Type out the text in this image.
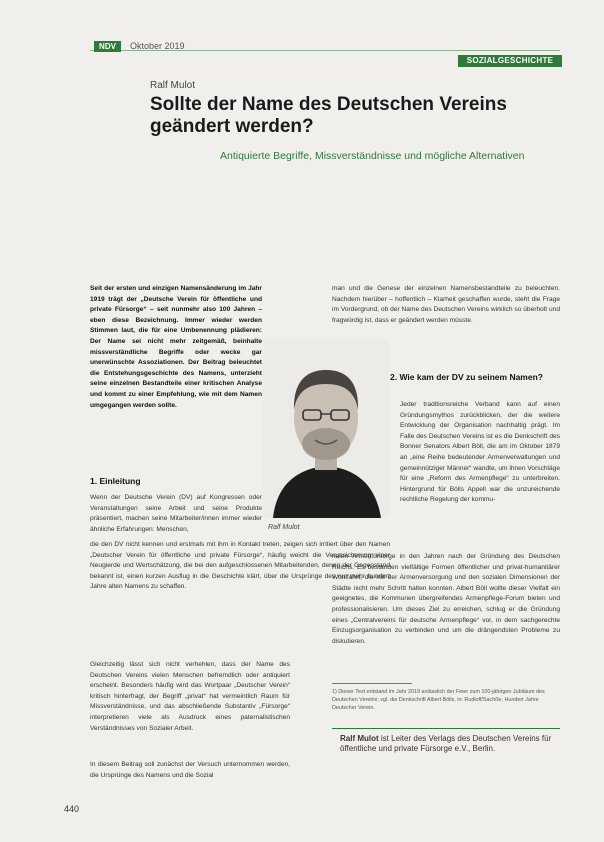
NDV	Oktober 2019
SOZIALGESCHICHTE
Ralf Mulot
Sollte der Name des Deutschen Vereins geändert werden?
Antiquierte Begriffe, Missverständnisse und mögliche Alternativen
Seit der ersten und einzigen Namensänderung im Jahr 1919 trägt der „Deutsche Verein für öffentliche und private Fürsorge“ – seit nunmehr also 100 Jahren – eben diese Bezeichnung. Immer wieder werden Stimmen laut, die für eine Umbenennung plädieren: Der Name sei nicht mehr zeitgemäß, beinhalte missverständliche Begriffe oder wecke gar unerwünschte Assoziationen. Der Beitrag beleuchtet die Entstehungsgeschichte des Namens, unterzieht seine einzelnen Bestandteile einer kritischen Analyse und kommt zu einer Empfehlung, wie mit dem Namen umgegangen werden sollte.
Ralf Mulot
1. Einleitung
Wenn der Deutsche Verein (DV) auf Kongressen oder Veranstaltungen seine Arbeit und seine Produkte präsentiert, machen seine Mitarbeiter/innen immer wieder ähnliche Erfahrungen: Menschen,
die den DV nicht kennen und erstmals mit ihm in Kontakt treten, zeigen sich irritiert über den Namen „Deutscher Verein für öffentliche und private Fürsorge“, häufig weicht die Verunsicherung einer Neugierde und Wertschätzung, die bei den aufgeschlossenen Mitarbeitenden, denen der Gegenstand bekannt ist, einen kurzen Ausflug in die Geschichte klärt, über die Ursprünge des nur mehr hundert Jahre alten Namens zu schaffen.
Gleichzeitig lässt sich nicht verhehlen, dass der Name des Deutschen Vereins vielen Menschen befremdlich oder antiquiert erscheint. Besonders häufig wird das Wortpaar „Deutscher Verein“ kritisch hinterfragt, der Begriff „privat“ hat vermeintlich Raum für Missverständnisse, und das abschließende Substantiv „Fürsorge“ interpretieren viele als Ausdruck eines paternalistischen Verständnisses von Sozialer Arbeit.
In diesem Beitrag soll zunächst der Versuch unternommen werden, die Ursprünge des Namens und die Sozial
man und die Genese der einzelnen Namensbestandteile zu beleuchten. Nachdem hierüber – hoffentlich – Klarheit geschaffen wurde, steht die Frage im Vordergrund, ob der Name des Deutschen Vereins wirklich so überholt und fragwürdig ist, dass er geändert werden müsste.
2. Wie kam der DV zu seinem Namen?
Jeder traditionsreiche Verband kann auf einen Gründungsmythos zurückblicken, der die weitere Entwicklung der Organisation nachhaltig prägt. Im Falle des Deutschen Vereins ist es die Denkschrift des Bonner Senators Albert Böll, die am im Oktober 1879 an „eine Reihe bedeutender Armenverwaltungen und gemeinnütziger Männer“ wandte, um ihnen Vorschläge für eine „Reform des Armenpflege“ zu unterbreiten. Hintergrund für Bölls Appell war die unzureichende rechtliche Regelung der kommu-
nalen Armenfürsorge in den Jahren nach der Gründung des Deutschen Reichs. Es bestanden vielfältige Formen öffentlicher und privat-humanitärer Wohlfahrt, die mit der Armenversorgung und den sozialen Dimensionen der Städte nicht mehr Schritt halten konnten. Albert Böll wollte dieser Vielfalt ein geeignetes, die Kommunen übergreifendes Armenpflege-Forum bieten und professionalisieren. Um dieses Ziel zu erreichen, schlug er die Gründung eines „Centralvereins für deutsche Armenpflege“ vor, in dem sachgerechte Einzugsorganisation zu verbinden und um die drängendsten Probleme zu diskutieren.
1) Dieser Text entstand im Jahr 2019 anlässlich der Feier zum 100-jährigen Jubiläum des Deutschen Vereins; vgl. die Denkschrift Albert Bölls, in: Rudloff/Sachße, Hundert Jahre Deutscher Verein.
Ralf Mulot ist Leiter des Verlags des Deutschen Vereins für öffentliche und private Fürsorge e.V., Berlin.
440
